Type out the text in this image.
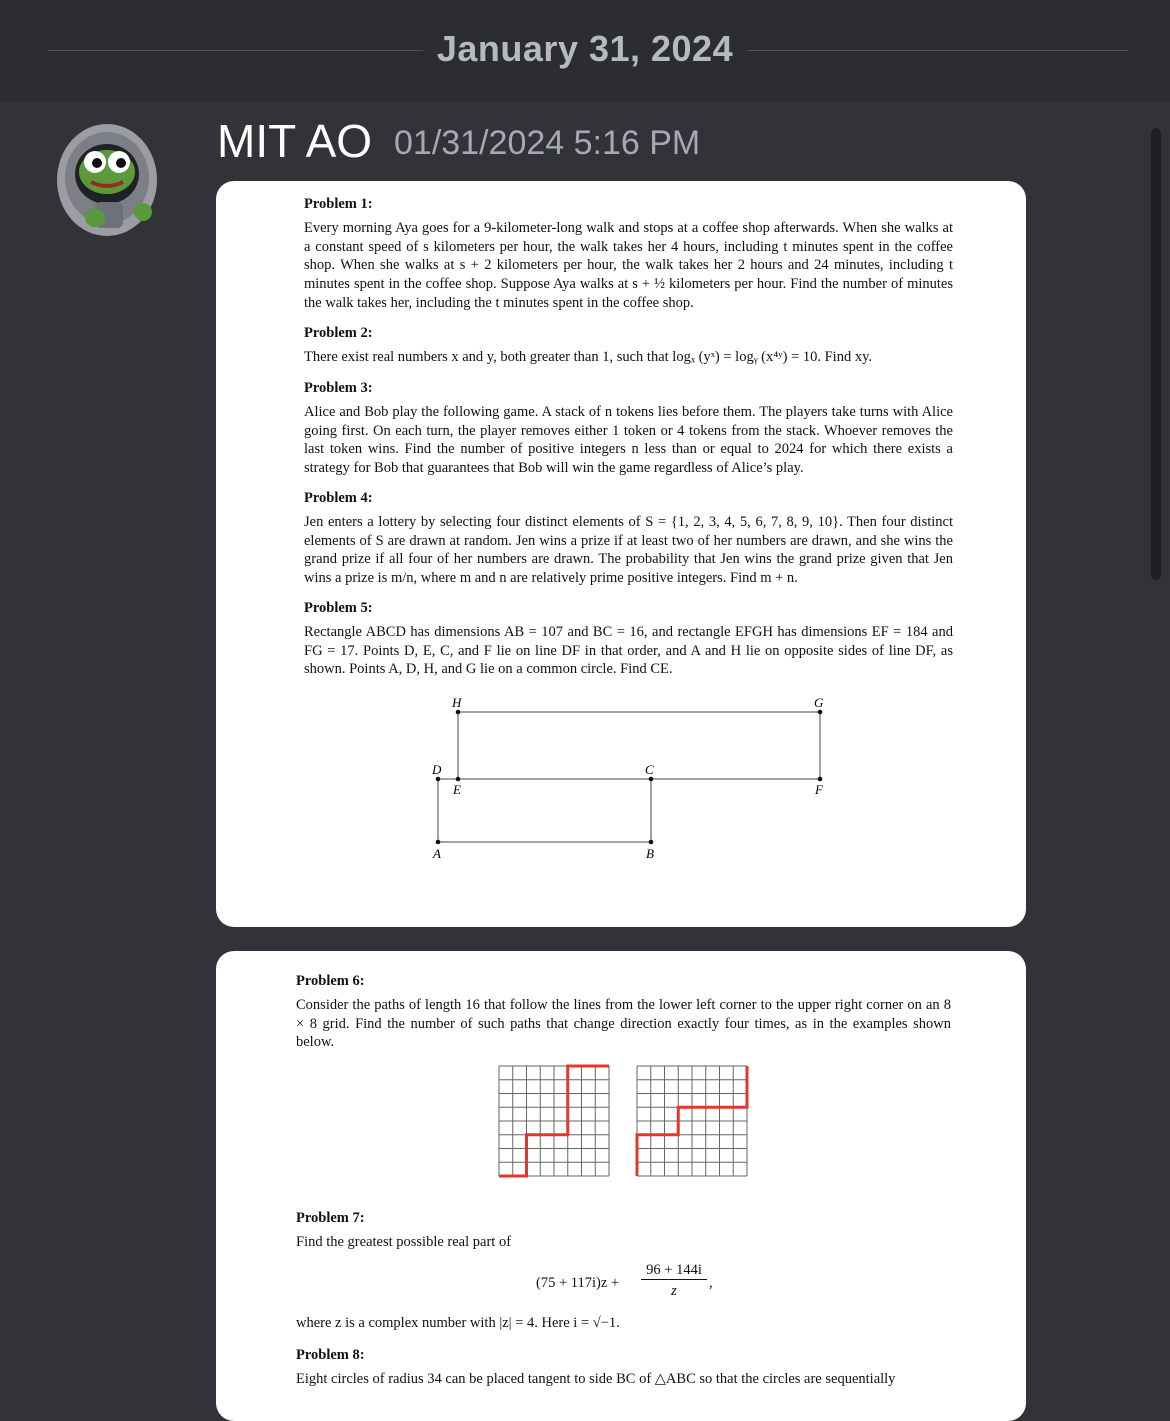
January 31, 2024
MIT AO 01/31/2024 5:16 PM

Problem 1:

Every morning Aya goes for a 9-kilometer-long walk and stops at a coffee shop afterwards. When she walks at a constant speed of s kilometers per hour, the walk takes her 4 hours, including t minutes spent in the coffee shop. When she walks at s + 2 kilometers per hour, the walk takes her 2 hours and 24 minutes, including t minutes spent in the coffee shop. Suppose Aya walks at s + ½ kilometers per hour. Find the number of minutes the walk takes her, including the t minutes spent in the coffee shop.

Problem 2:

There exist real numbers x and y, both greater than 1, such that logₓ (yˣ) = logᵧ (x⁴ʸ) = 10. Find xy.

Problem 3:

Alice and Bob play the following game. A stack of n tokens lies before them. The players take turns with Alice going first. On each turn, the player removes either 1 token or 4 tokens from the stack. Whoever removes the last token wins. Find the number of positive integers n less than or equal to 2024 for which there exists a strategy for Bob that guarantees that Bob will win the game regardless of Alice’s play.

Problem 4:

Jen enters a lottery by selecting four distinct elements of S = {1, 2, 3, 4, 5, 6, 7, 8, 9, 10}. Then four distinct elements of S are drawn at random. Jen wins a prize if at least two of her numbers are drawn, and she wins the grand prize if all four of her numbers are drawn. The probability that Jen wins the grand prize given that Jen wins a prize is m/n, where m and n are relatively prime positive integers. Find m + n.

Problem 5:

Rectangle ABCD has dimensions AB = 107 and BC = 16, and rectangle EFGH has dimensions EF = 184 and FG = 17. Points D, E, C, and F lie on line DF in that order, and A and H lie on opposite sides of line DF, as shown. Points A, D, H, and G lie on a common circle. Find CE.

H	G
D	C
E	F
A	B

Problem 6:

Consider the paths of length 16 that follow the lines from the lower left corner to the upper right corner on an 8 × 8 grid. Find the number of such paths that change direction exactly four times, as in the examples shown below.

Problem 7:

Find the greatest possible real part of

(75 + 117i)z +
96 + 144i
z	,

where z is a complex number with |z| = 4. Here i = √−1.

Problem 8:

Eight circles of radius 34 can be placed tangent to side BC of △ABC so that the circles are sequentially
